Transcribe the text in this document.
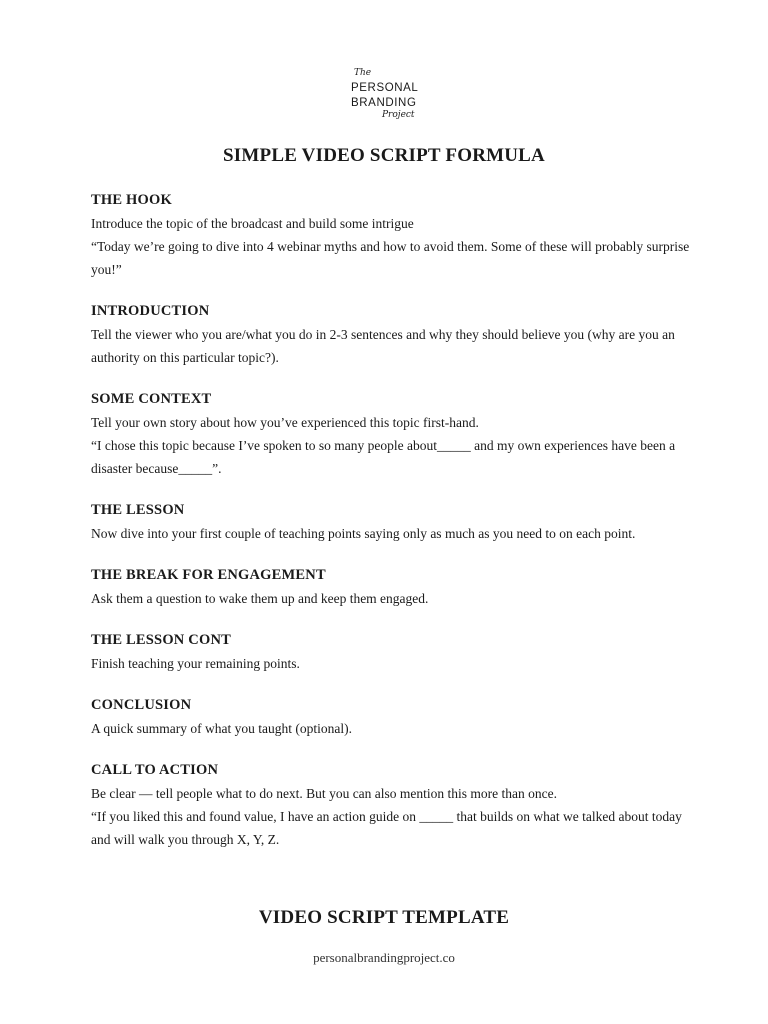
The
PERSONAL
BRANDING
Project
SIMPLE VIDEO SCRIPT FORMULA
THE HOOK

Introduce the topic of the broadcast and build some intrigue

“Today we’re going to dive into 4 webinar myths and how to avoid them. Some of these will probably surprise you!”

INTRODUCTION

Tell the viewer who you are/what you do in 2-3 sentences and why they should believe you (why are you an authority on this particular topic?).

SOME CONTEXT

Tell your own story about how you’ve experienced this topic first-hand.

“I chose this topic because I’ve spoken to so many people about_____ and my own experiences have been a disaster because_____”.

THE LESSON

Now dive into your first couple of teaching points saying only as much as you need to on each point.

THE BREAK FOR ENGAGEMENT

Ask them a question to wake them up and keep them engaged.

THE LESSON CONT

Finish teaching your remaining points.

CONCLUSION

A quick summary of what you taught (optional).

CALL TO ACTION

Be clear — tell people what to do next. But you can also mention this more than once.

“If you liked this and found value, I have an action guide on _____ that builds on what we talked about today and will walk you through X, Y, Z.

VIDEO SCRIPT TEMPLATE
personalbrandingproject.co
